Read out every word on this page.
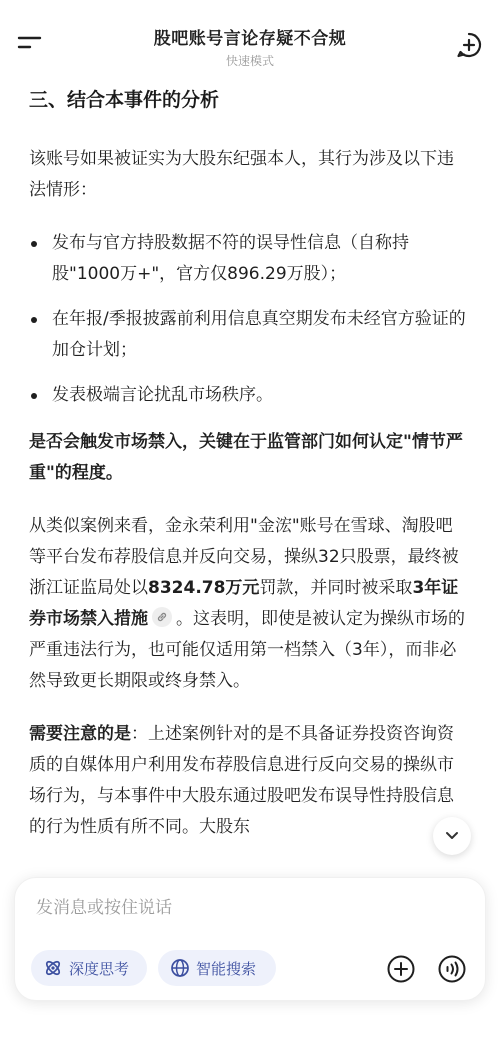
股吧账号言论存疑不合规
快速模式
三、结合本事件的分析

该账号如果被证实为大股东纪强本人，其行为涉及以下违法情形：

发布与官方持股数据不符的误导性信息（自称持股"1000万+"，官方仅896.29万股）；
在年报/季报披露前利用信息真空期发布未经官方验证的加仓计划；
发表极端言论扰乱市场秩序。

是否会触发市场禁入，关键在于监管部门如何认定"情节严重"的程度。

从类似案例来看，金永荣利用"金浤"账号在雪球、淘股吧等平台发布荐股信息并反向交易，操纵32只股票，最终被浙江证监局处以8324.78万元罚款，并同时被采取3年证券市场禁入措施 。这表明，即使是被认定为操纵市场的严重违法行为，也可能仅适用第一档禁入（3年），而非必然导致更长期限或终身禁入。

需要注意的是：上述案例针对的是不具备证券投资咨询资质的自媒体用户利用发布荐股信息进行反向交易的操纵市场行为，与本事件中大股东通过股吧发布误导性持股信息的行为性质有所不同。大股东

发消息或按住说话
深度思考	智能搜索
